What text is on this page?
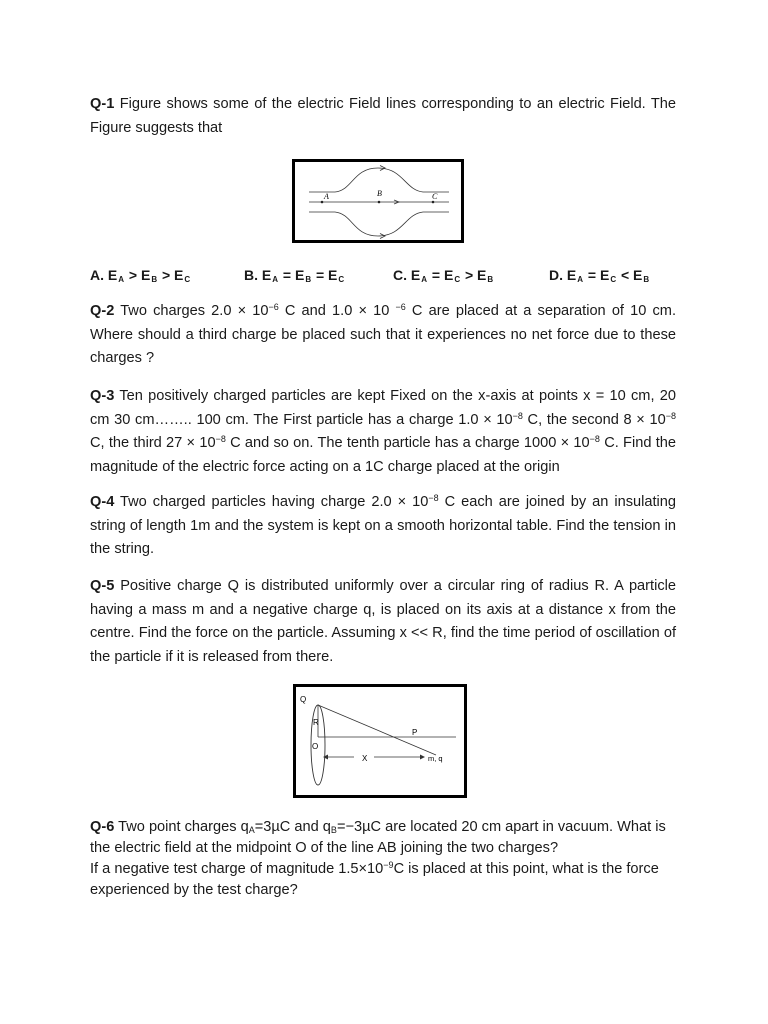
Q-1 Figure shows some of the electric Field lines corresponding to an electric Field. The Figure suggests that

A	B	C
A. $E_A > E_B > E_C$	B. $E_A = E_B = E_C$	C. $E_A = E_C > E_B$	D. $E_A = E_C < E_B$

Q-2 Two charges $2.0 \times 10^{-6}$ C and 1.0 × 10 $^{-6}$ C are placed at a separation of 10 cm. Where should a third charge be placed such that it experiences no net force due to these charges ?

Q-3 Ten positively charged particles are kept Fixed on the x-axis at points x = 10 cm, 20 cm 30 cm…….. 100 cm. The First particle has a charge $1.0 \times 10^{-8}$ C, the second $8 \times 10^{-8}$ C, the third $27 \times 10^{-8}$ C and so on. The tenth particle has a charge $1000 \times 10^{-8}$ C. Find the magnitude of the electric force acting on a 1C charge placed at the origin

Q-4 Two charged particles having charge $2.0 \times 10^{-8}$ C each are joined by an insulating string of length 1m and the system is kept on a smooth horizontal table. Find the tension in the string.

Q-5 Positive charge Q is distributed uniformly over a circular ring of radius R. A particle having a mass m and a negative charge q, is placed on its axis at a distance x from the centre. Find the force on the particle. Assuming x << R, find the time period of oscillation of the particle if it is released from there.

Q
R
O
P
X	m, q

Q-6 Two point charges $q_A=3\mu C$ and $q_B=-3\mu C$ are located 20 cm apart in vacuum. What is the electric field at the midpoint O of the line AB joining the two charges?
If a negative test charge of magnitude $1.5\times 10^{-9}C$ is placed at this point, what is the force experienced by the test charge?
